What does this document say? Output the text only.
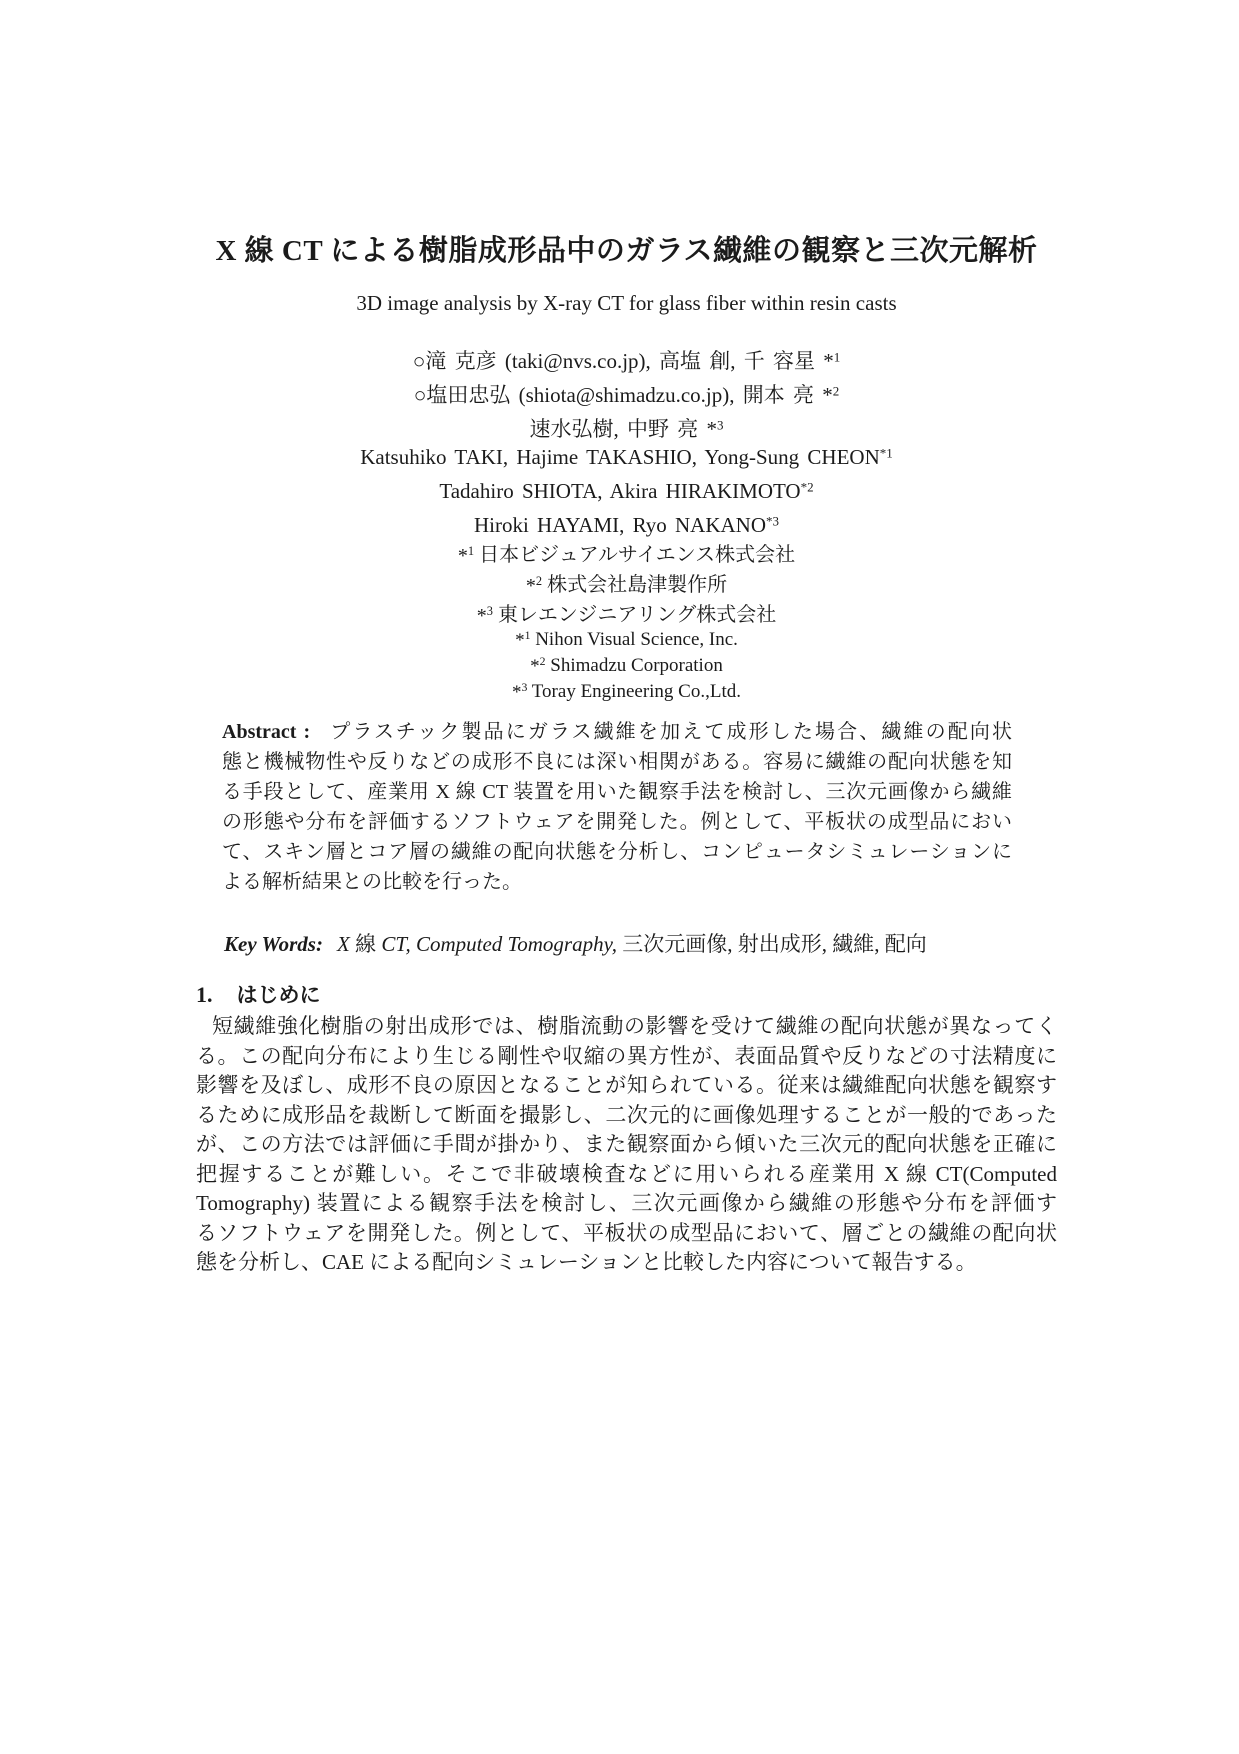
X 線 CT による樹脂成形品中のガラス繊維の観察と三次元解析
3D image analysis by X-ray CT for glass fiber within resin casts
○滝 克彦 (taki@nvs.co.jp), 高塩 創, 千 容星 *$^1$
○塩田忠弘 (shiota@shimadzu.co.jp), 開本 亮 *$^2$
速水弘樹, 中野 亮 *$^3$
Katsuhiko TAKI, Hajime TAKASHIO, Yong-Sung CHEON$^{*1}$
Tadahiro SHIOTA, Akira HIRAKIMOTO$^{*2}$
Hiroki HAYAMI, Ryo NAKANO$^{*3}$
*$^1$ 日本ビジュアルサイエンス株式会社
*$^2$ 株式会社島津製作所
*$^3$ 東レエンジニアリング株式会社
*$^1$ Nihon Visual Science, Inc.
*$^2$ Shimadzu Corporation
*$^3$ Toray Engineering Co.,Ltd.
Abstract : プラスチック製品にガラス繊維を加えて成形した場合、繊維の配向状
態と機械物性や反りなどの成形不良には深い相関がある。容易に繊維の配向状態を知
る手段として、産業用 X 線 CT 装置を用いた観察手法を検討し、三次元画像から繊維
の形態や分布を評価するソフトウェアを開発した。例として、平板状の成型品におい
て、スキン層とコア層の繊維の配向状態を分析し、コンピュータシミュレーションに
よる解析結果との比較を行った。
Key Words: X 線 CT, Computed Tomography, 三次元画像, 射出成形, 繊維, 配向
1. はじめに
短繊維強化樹脂の射出成形では、樹脂流動の影響を受けて繊維の配向状態が異なってく
る。この配向分布により生じる剛性や収縮の異方性が、表面品質や反りなどの寸法精度に
影響を及ぼし、成形不良の原因となることが知られている。従来は繊維配向状態を観察す
るために成形品を裁断して断面を撮影し、二次元的に画像処理することが一般的であった
が、この方法では評価に手間が掛かり、また観察面から傾いた三次元的配向状態を正確に
把握することが難しい。そこで非破壊検査などに用いられる産業用 X 線 CT(Computed
Tomography) 装置による観察手法を検討し、三次元画像から繊維の形態や分布を評価す
るソフトウェアを開発した。例として、平板状の成型品において、層ごとの繊維の配向状
態を分析し、CAE による配向シミュレーションと比較した内容について報告する。
